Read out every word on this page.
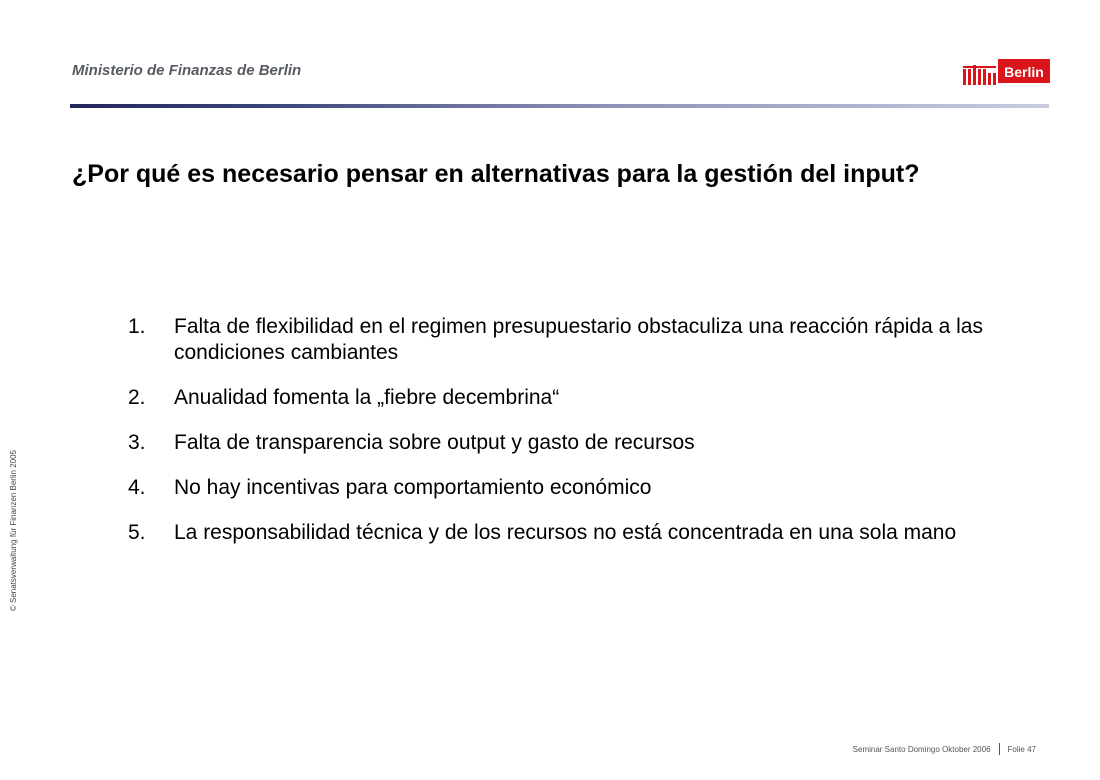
Ministerio de Finanzas de Berlin	Berlin
¿Por qué es necesario pensar en alternativas para la gestión del input?
1.	Falta de flexibilidad en el regimen presupuestario obstaculiza una reacción rápida a las condiciones cambiantes
2.	Anualidad fomenta la „fiebre decembrina“
3.	Falta de transparencia sobre output y gasto de recursos
4.	No hay incentivas para comportamiento económico
5.	La responsabilidad técnica y de los recursos no está concentrada en una sola mano
© Senatsverwaltung für Finanzen Berlin 2005
Seminar Santo Domingo Oktober 2006 Folie 47
